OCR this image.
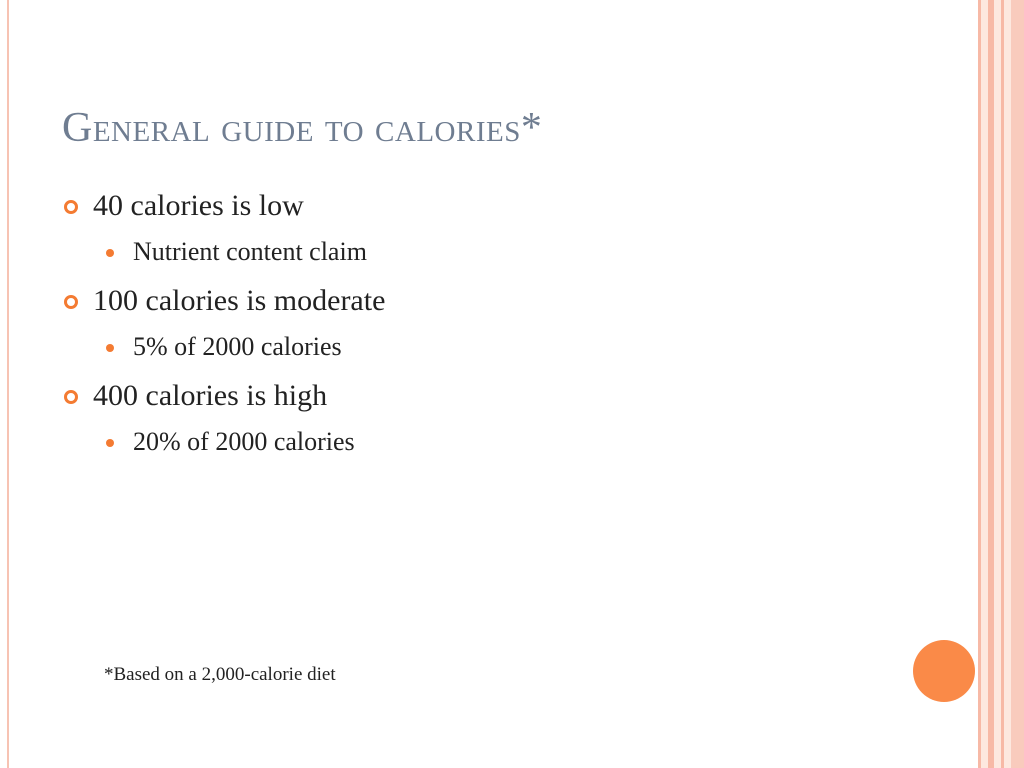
General guide to calories*
40 calories is low
Nutrient content claim
100 calories is moderate
5% of 2000 calories
400 calories is high
20% of 2000 calories
*Based on a 2,000-calorie diet
